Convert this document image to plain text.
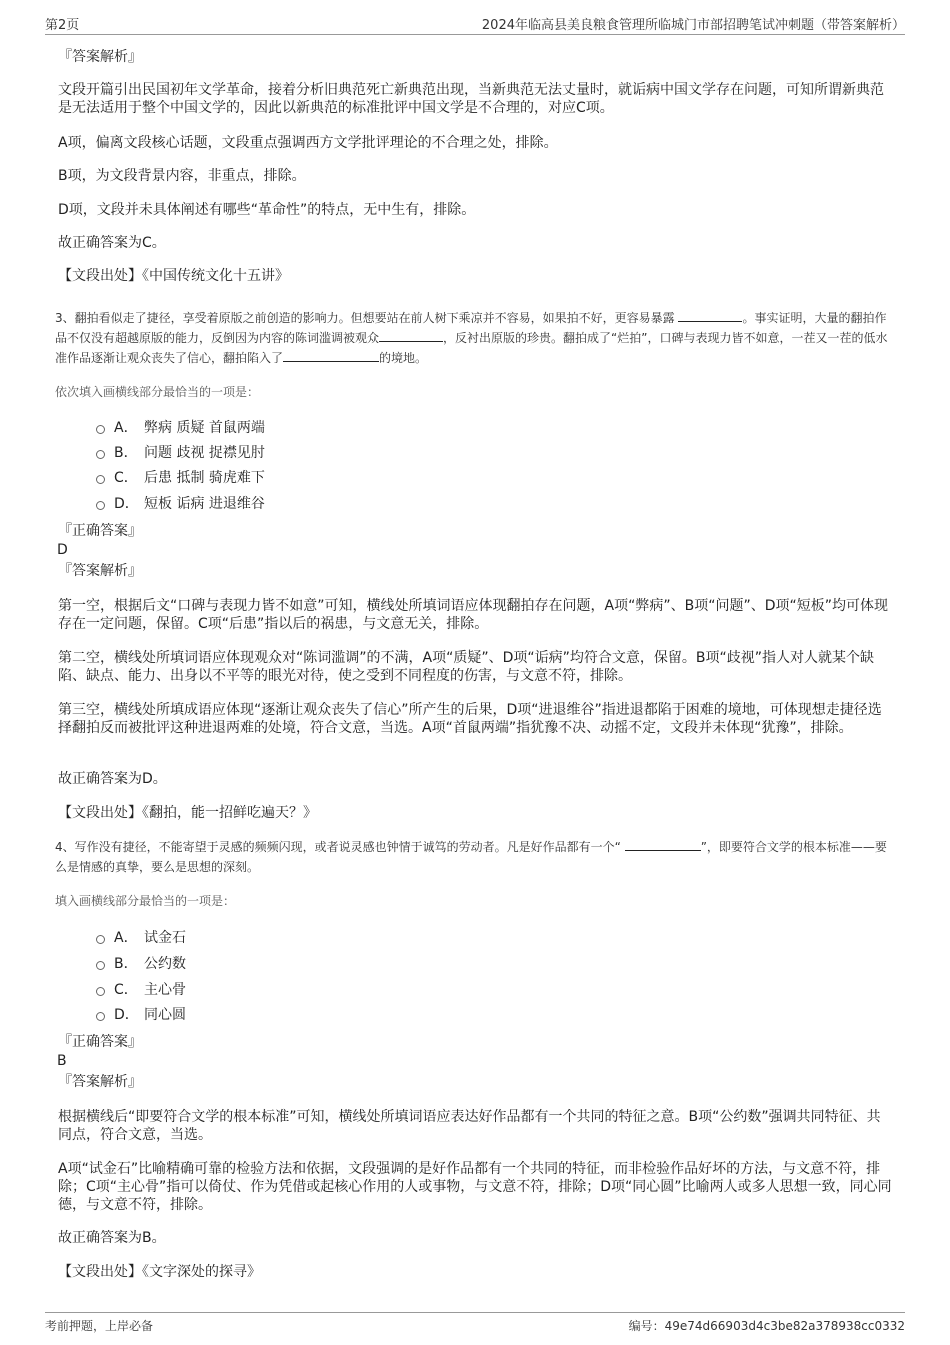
第2页	2024年临高县美良粮食管理所临城门市部招聘笔试冲刺题（带答案解析）
『答案解析』

文段开篇引出民国初年文学革命，接着分析旧典范死亡新典范出现，当新典范无法丈量时，就诟病中国文学存在问题，可知所谓新典范是无法适用于整个中国文学的，因此以新典范的标准批评中国文学是不合理的，对应C项。

A项，偏离文段核心话题，文段重点强调西方文学批评理论的不合理之处，排除。

B项，为文段背景内容，非重点，排除。

D项，文段并未具体阐述有哪些“革命性”的特点，无中生有，排除。

故正确答案为C。

【文段出处】《中国传统文化十五讲》

3、翻拍看似走了捷径，享受着原版之前创造的影响力。但想要站在前人树下乘凉并不容易，如果拍不好，更容易暴露	。事实证明，大量的翻拍作品不仅没有超越原版的能力，反倒因为内容的陈词滥调被观众	，反衬出原版的珍贵。翻拍成了“烂拍”，口碑与表现力皆不如意，一茬又一茬的低水准作品逐渐让观众丧失了信心，翻拍陷入了	的境地。

依次填入画横线部分最恰当的一项是：
A． 弊病 质疑 首鼠两端
B． 问题 歧视 捉襟见肘
C． 后患 抵制 骑虎难下
D． 短板 诟病 进退维谷
『正确答案』
D
『答案解析』

第一空，根据后文“口碑与表现力皆不如意”可知，横线处所填词语应体现翻拍存在问题，A项“弊病”、B项“问题”、D项“短板”均可体现存在一定问题，保留。C项“后患”指以后的祸患，与文意无关，排除。

第二空，横线处所填词语应体现观众对“陈词滥调”的不满，A项“质疑”、D项“诟病”均符合文意，保留。B项“歧视”指人对人就某个缺陷、缺点、能力、出身以不平等的眼光对待，使之受到不同程度的伤害，与文意不符，排除。

第三空，横线处所填成语应体现“逐渐让观众丧失了信心”所产生的后果，D项“进退维谷”指进退都陷于困难的境地，可体现想走捷径选择翻拍反而被批评这种进退两难的处境，符合文意，当选。A项“首鼠两端”指犹豫不决、动摇不定，文段并未体现“犹豫”，排除。

故正确答案为D。

【文段出处】《翻拍，能一招鲜吃遍天？》

4、写作没有捷径，不能寄望于灵感的频频闪现，或者说灵感也钟情于诚笃的劳动者。凡是好作品都有一个“	”，即要符合文学的根本标准——要么是情感的真挚，要么是思想的深刻。

填入画横线部分最恰当的一项是：
A． 试金石
B． 公约数
C． 主心骨
D． 同心圆
『正确答案』
B
『答案解析』

根据横线后“即要符合文学的根本标准”可知，横线处所填词语应表达好作品都有一个共同的特征之意。B项“公约数”强调共同特征、共同点，符合文意，当选。

A项“试金石”比喻精确可靠的检验方法和依据，文段强调的是好作品都有一个共同的特征，而非检验作品好坏的方法，与文意不符，排除；C项“主心骨”指可以倚仗、作为凭借或起核心作用的人或事物，与文意不符，排除；D项“同心圆”比喻两人或多人思想一致，同心同德，与文意不符，排除。

故正确答案为B。

【文段出处】《文字深处的探寻》

考前押题，上岸必备	编号：49e74d66903d4c3be82a378938cc0332
